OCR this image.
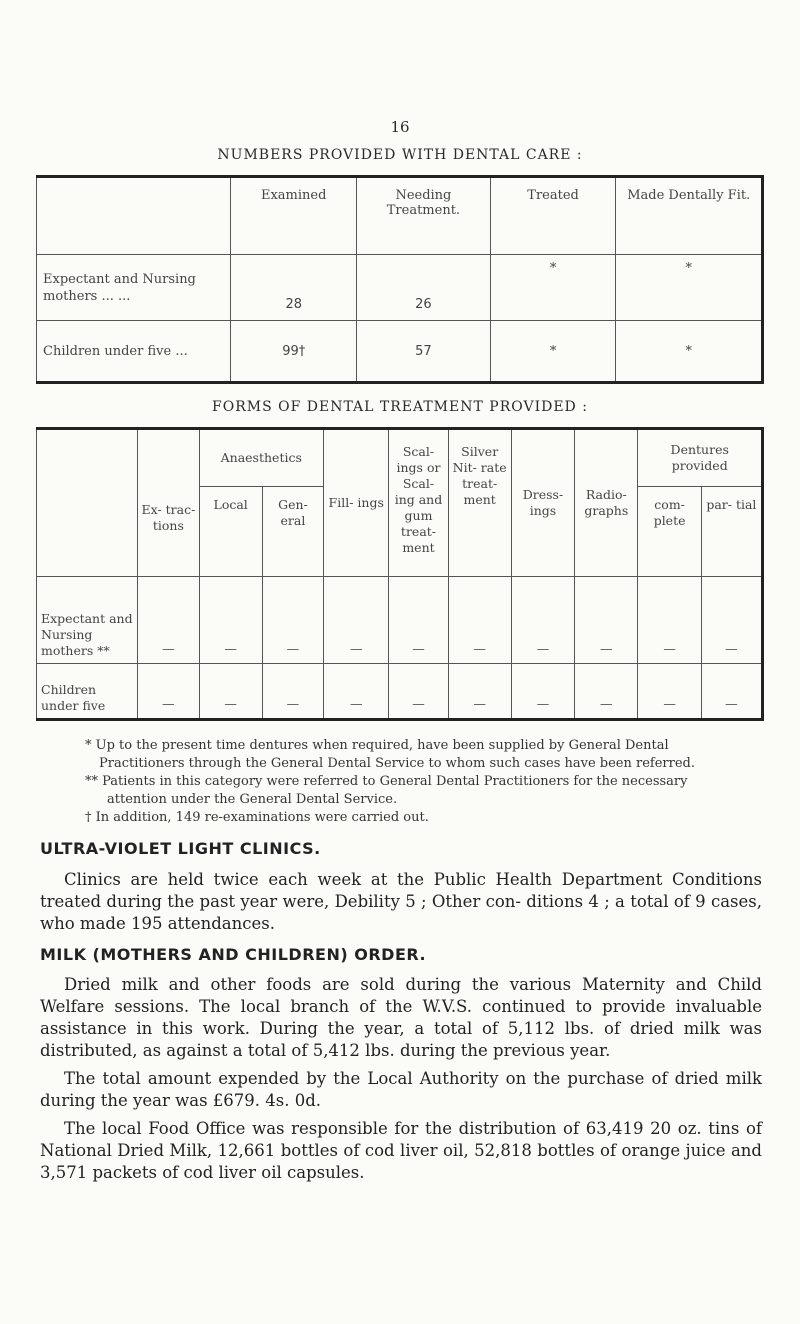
16
NUMBERS PROVIDED WITH DENTAL CARE :
	Examined	Needing Treatment.	Treated	Made Dentally Fit.
Expectant and Nursing mothers ... ...	28	26	*	*
Children under five ...	99†	57	*	*
FORMS OF DENTAL TREATMENT PROVIDED :
	Ex- trac- tions	Anaesthetics		Fill- ings	Scal- ings or Scal- ing and gum treat- ment	Silver Nit- rate treat- ment	Dress- ings	Radio- graphs	Dentures provided	
		Local	Gen- eral						com- plete	par- tial
Expectant and Nursing mothers **	—	—	—	—	—	—	—	—	—	—
Children under five	—	—	—	—	—	—	—	—	—	—

* Up to the present time dentures when required, have been supplied by General Dental Practitioners through the General Dental Service to whom such cases have been referred.

** Patients in this category were referred to General Dental Practitioners for the necessary attention under the General Dental Service.

† In addition, 149 re-examinations were carried out.

ULTRA-VIOLET LIGHT CLINICS.

Clinics are held twice each week at the Public Health Department Conditions treated during the past year were, Debility 5 ; Other con- ditions 4 ; a total of 9 cases, who made 195 attendances.

MILK (MOTHERS AND CHILDREN) ORDER.

Dried milk and other foods are sold during the various Maternity and Child Welfare sessions. The local branch of the W.V.S. continued to provide invaluable assistance in this work. During the year, a total of 5,112 lbs. of dried milk was distributed, as against a total of 5,412 lbs. during the previous year.

The total amount expended by the Local Authority on the purchase of dried milk during the year was £679. 4s. 0d.

The local Food Office was responsible for the distribution of 63,419 20 oz. tins of National Dried Milk, 12,661 bottles of cod liver oil, 52,818 bottles of orange juice and 3,571 packets of cod liver oil capsules.
